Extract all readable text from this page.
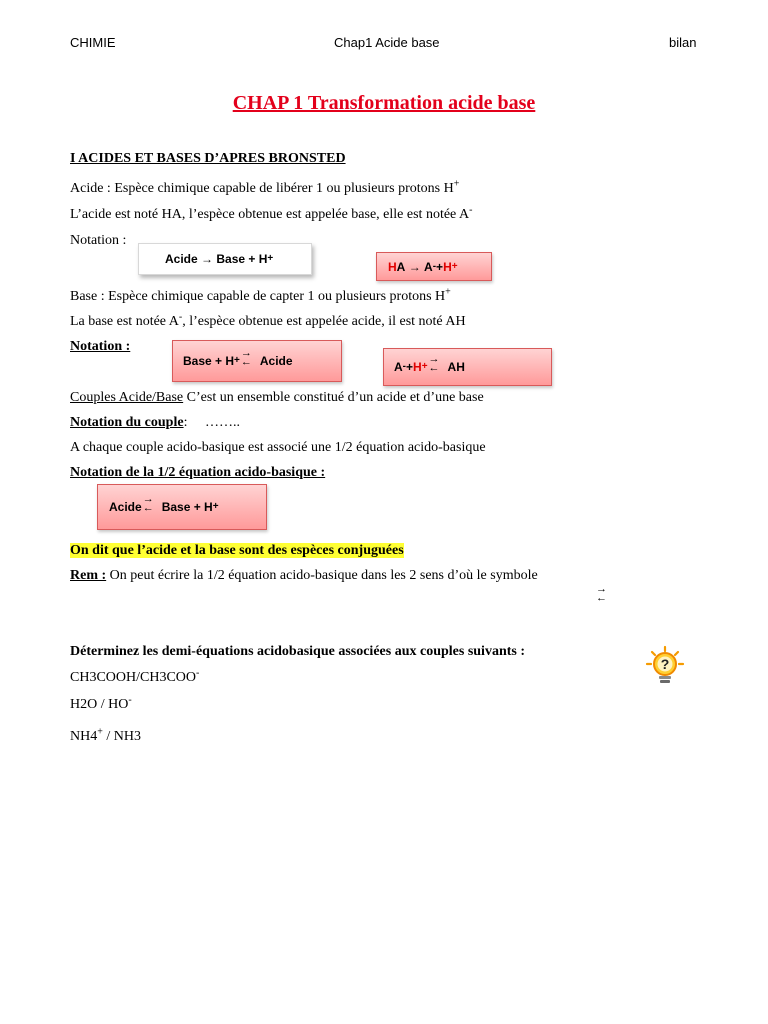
CHIMIE	Chap1 Acide base	bilan
CHAP 1 Transformation acide base
I ACIDES ET BASES D’APRES BRONSTED
Acide : Espèce chimique capable de libérer 1 ou plusieurs protons H+
L’acide est noté HA, l’espèce obtenue est appelée base, elle est notée A-
Notation :
Acide
→
Base + H +
H A
→
A - + H +
Base : Espèce chimique capable de capter 1 ou plusieurs protons H+
La base est notée A-, l’espèce obtenue est appelée acide, il est noté AH
Notation :
Base + H +
→
← Acide	A - + H +
→
← AH
Couples Acide/Base C’est un ensemble constitué d’un acide et d’une base
Notation du couple: ……..
A chaque couple acido-basique est associé une 1/2 équation acido-basique
Notation de la 1/2 équation acido-basique :
Acide
→
← Base + H +
On dit que l’acide et la base sont des espèces conjuguées
Rem : On peut écrire la 1/2 équation acido-basique dans les 2 sens d’où le symbole
→
←
Déterminez les demi-équations acidobasique associées aux couples suivants :
?
CH3COOH/CH3COO-
H2O / HO-
NH4+ / NH3
